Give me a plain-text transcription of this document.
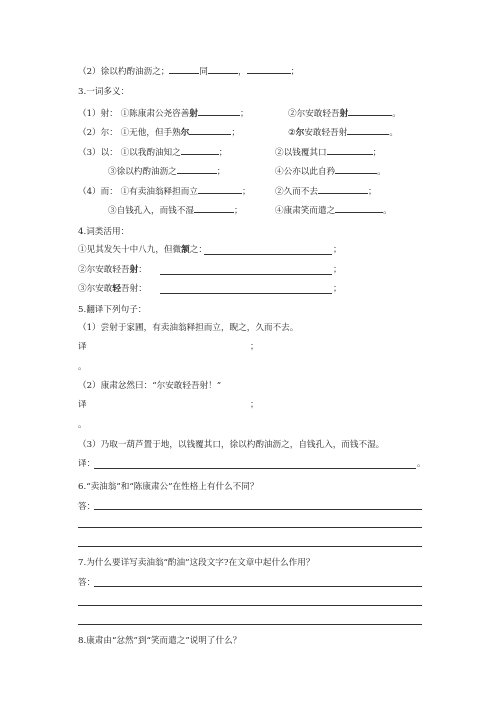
（2）徐以杓酌油沥之；	同	，	；
3.一词多义：
（1）射： ①陈康肃公尧咨善射	；	②尔安敢轻吾射	。
（2）尔： ①无他，但手熟尔	；	②尔安敢轻吾射	。
（3）以： ①以我酌油知之	；	②以钱覆其口	；
③徐以杓酌油沥之	；	④公亦以此自矜	。
（4）而： ①有卖油翁释担而立	；	②久而不去	；
③自钱孔入，而钱不湿	；	④康肃笑而遣之	。
4.词类活用：
①见其发矢十中八九，但微颔之：	；
②尔安敢轻吾射：	；
③尔安敢轻吾射：	；
5.翻译下列句子：
（1）尝射于家圃，有卖油翁释担而立，睨之，久而不去。
译	；
。
（2）康肃忿然曰：“尔安敢轻吾射！”
译	；
。
（3）乃取一葫芦置于地，以钱覆其口，徐以杓酌油沥之，自钱孔入，而钱不湿。
译：	。
6.“卖油翁”和“陈康肃公”在性格上有什么不同？
答：
7.为什么要详写卖油翁“酌油”这段文字?在文章中起什么作用？
答：
8.康肃由“忿然”到“笑而遣之”说明了什么？
